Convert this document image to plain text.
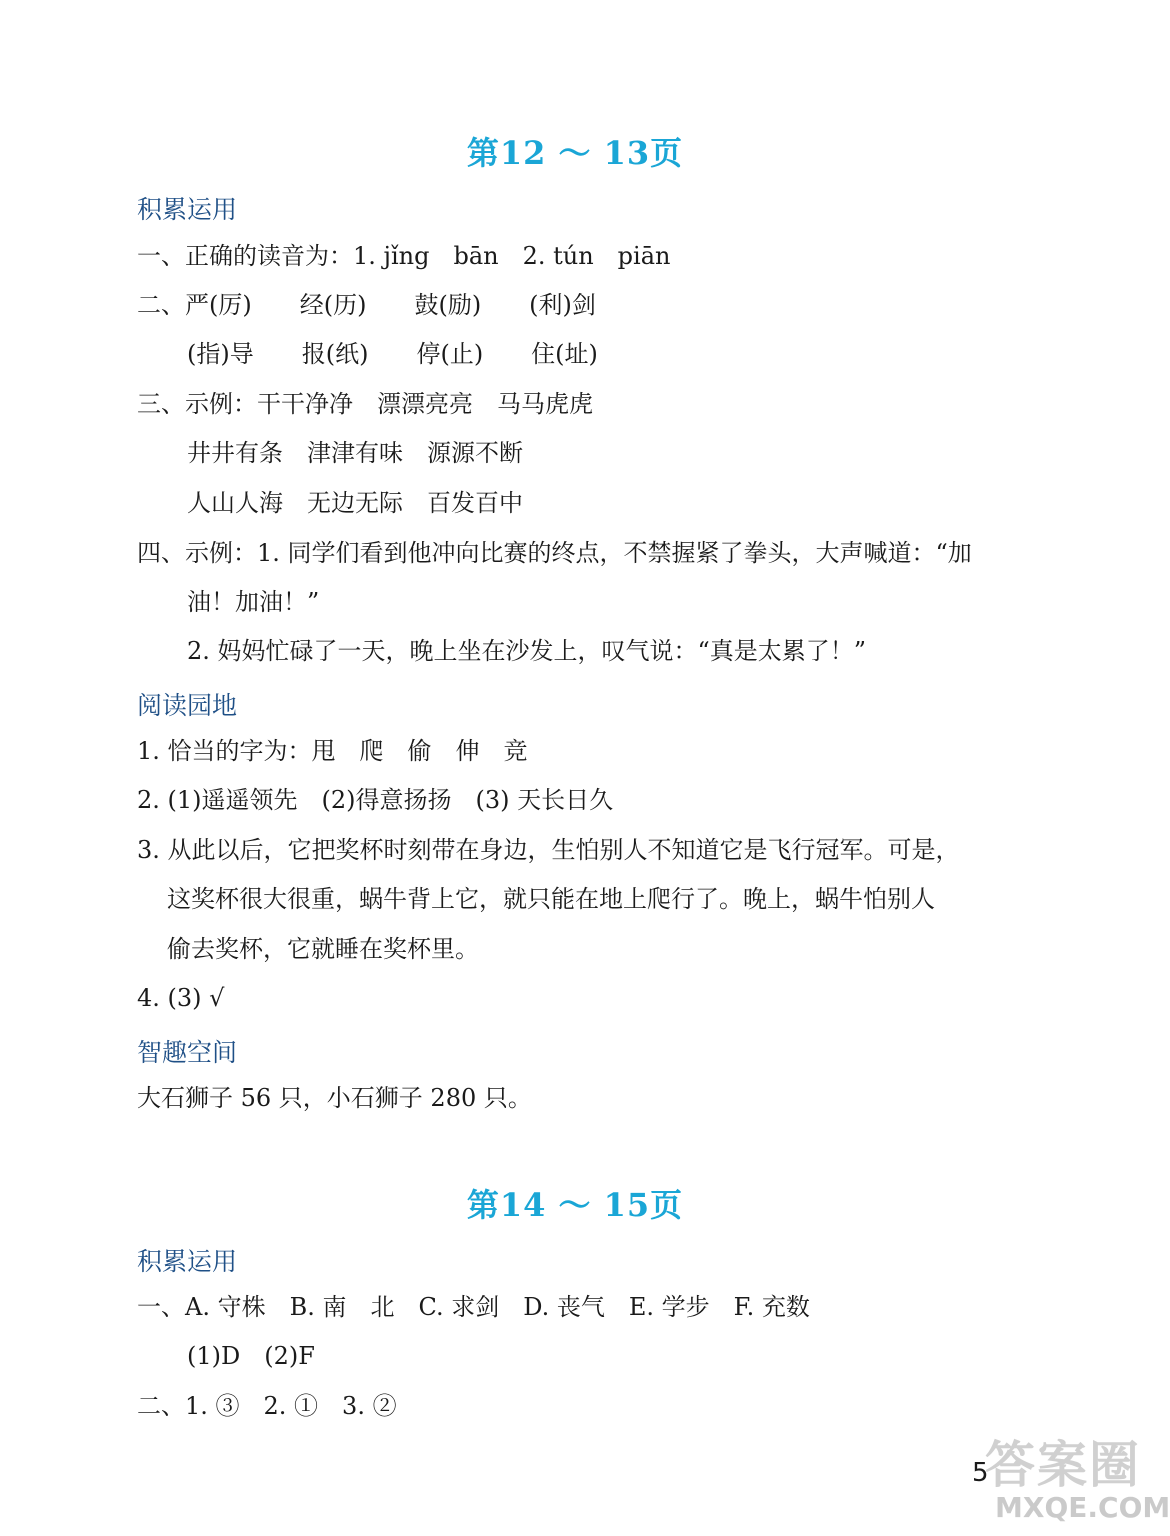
第12 ～ 13页
积累运用
一、正确的读音为：1. jǐng　bān　2. tún　piān
二、严(厉)　　经(历)　　鼓(励)　　(利)剑
(指)导　　报(纸)　　停(止)　　住(址)
三、示例：干干净净　漂漂亮亮　马马虎虎
井井有条　津津有味　源源不断
人山人海　无边无际　百发百中
四、示例：1. 同学们看到他冲向比赛的终点，不禁握紧了拳头，大声喊道：“加
油！加油！”
2. 妈妈忙碌了一天，晚上坐在沙发上，叹气说：“真是太累了！”
阅读园地
1. 恰当的字为：甩　爬　偷　伸　竞
2. (1)遥遥领先　(2)得意扬扬　(3) 天长日久
3. 从此以后，它把奖杯时刻带在身边，生怕别人不知道它是飞行冠军。可是，
这奖杯很大很重，蜗牛背上它，就只能在地上爬行了。晚上，蜗牛怕别人
偷去奖杯，它就睡在奖杯里。
4. (3) √
智趣空间
大石狮子 56 只，小石狮子 280 只。
第14 ～ 15页
积累运用
一、A. 守株　B. 南　北　C. 求剑　D. 丧气　E. 学步　F. 充数
(1)D　(2)F
二、1. ③　2. ①　3. ②
5
答案圈
MXQE.COM
